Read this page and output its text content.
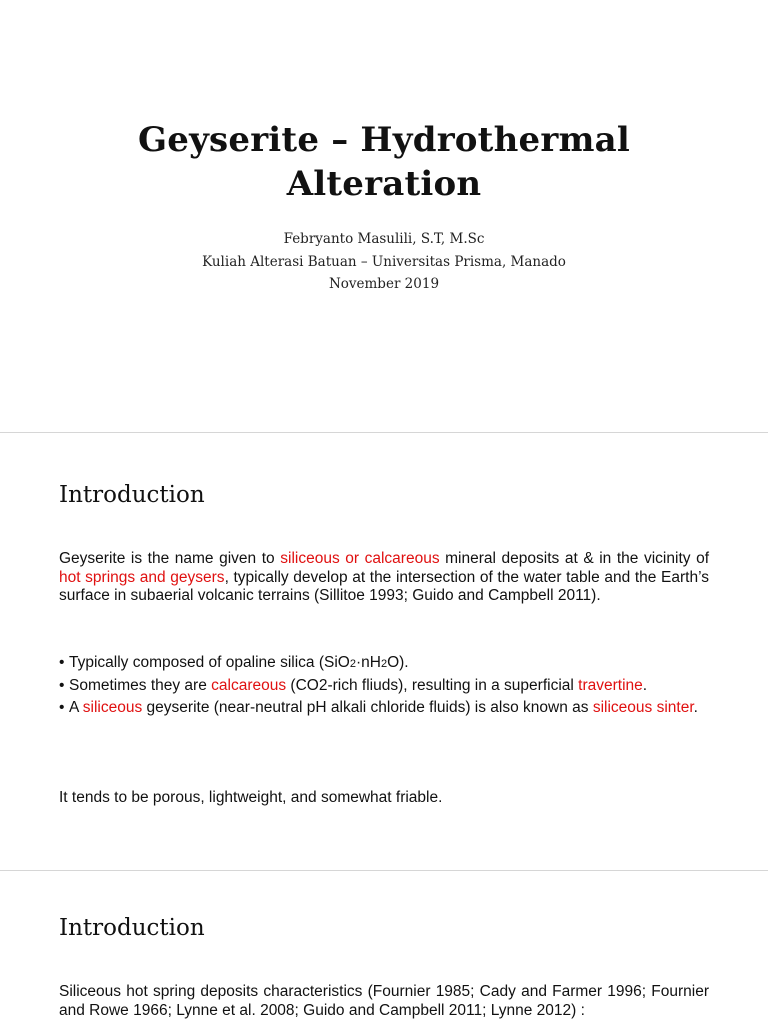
Geyserite – Hydrothermal
Alteration
Febryanto Masulili, S.T, M.Sc
Kuliah Alterasi Batuan – Universitas Prisma, Manado
November 2019
Introduction
Geyserite is the name given to siliceous or calcareous mineral deposits at & in the vicinity of hot springs and geysers, typically develop at the intersection of the water table and the Earth’s surface in subaerial volcanic terrains (Sillitoe 1993; Guido and Campbell 2011).
• Typically composed of opaline silica (SiO2·nH2O).
• Sometimes they are calcareous (CO2-rich fliuds), resulting in a superficial travertine.
• A siliceous geyserite (near-neutral pH alkali chloride fluids) is also known as siliceous sinter.
It tends to be porous, lightweight, and somewhat friable.
Introduction
Siliceous hot spring deposits characteristics (Fournier 1985; Cady and Farmer 1996; Fournier and Rowe 1966; Lynne et al. 2008; Guido and Campbell 2011; Lynne 2012) :
